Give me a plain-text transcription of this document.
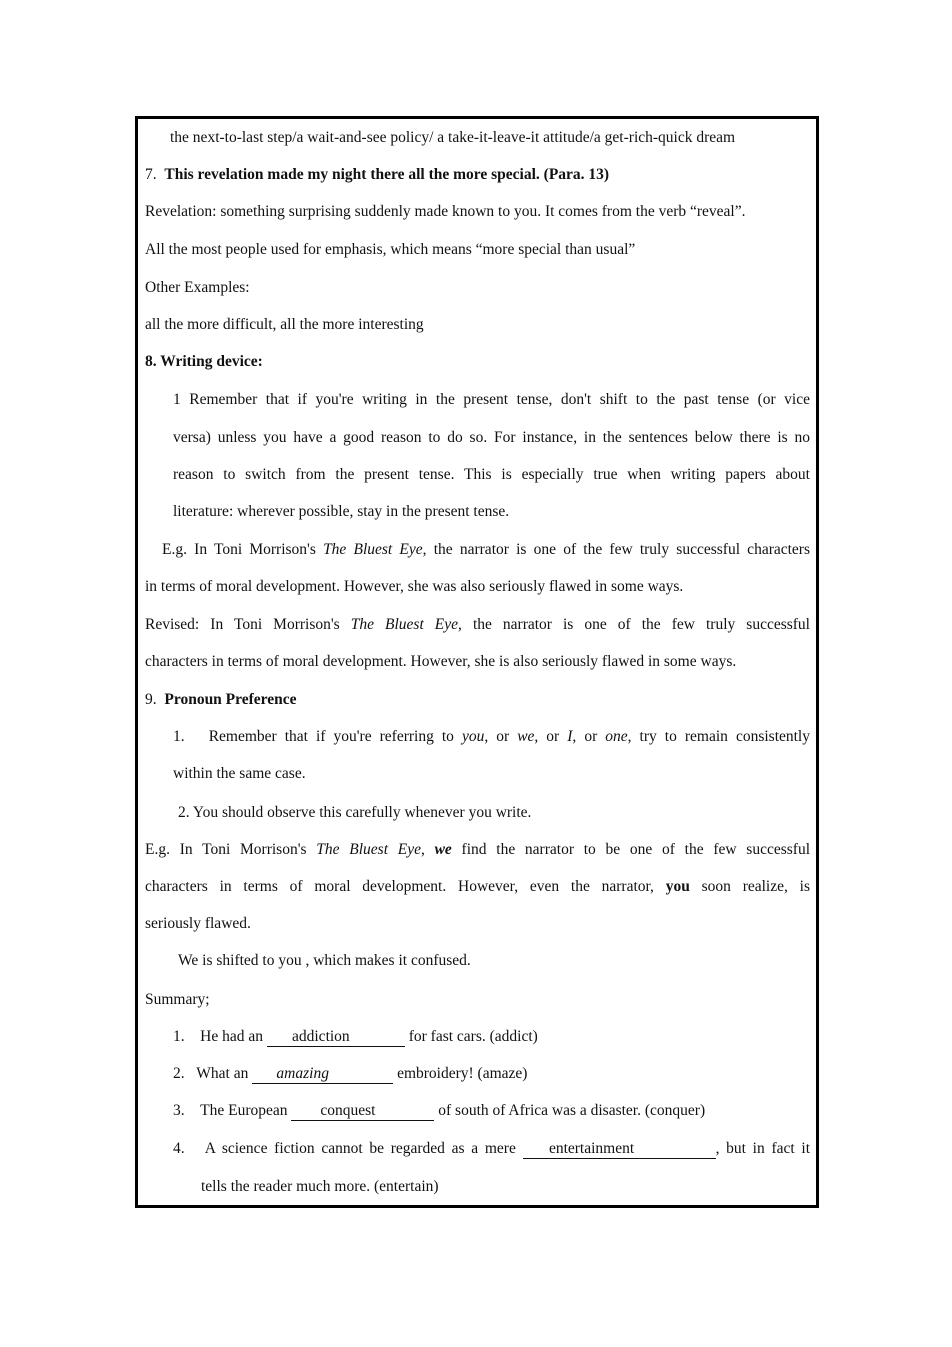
the next-to-last step/a wait-and-see policy/ a take-it-leave-it attitude/a get-rich-quick dream
7. This revelation made my night there all the more special. (Para. 13)
Revelation: something surprising suddenly made known to you. It comes from the verb “reveal”.
All the most people used for emphasis, which means “more special than usual”
Other Examples:
all the more difficult, all the more interesting
8. Writing device:
1 Remember that if you're writing in the present tense, don't shift to the past tense (or vice
versa) unless you have a good reason to do so. For instance, in the sentences below there is no
reason to switch from the present tense. This is especially true when writing papers about
literature: wherever possible, stay in the present tense.
E.g. In Toni Morrison's The Bluest Eye, the narrator is one of the few truly successful characters
in terms of moral development. However, she was also seriously flawed in some ways.
Revised: In Toni Morrison's The Bluest Eye, the narrator is one of the few truly successful
characters in terms of moral development. However, she is also seriously flawed in some ways.
9. Pronoun Preference
1. Remember that if you're referring to you, or we, or I, or one, try to remain consistently
within the same case.
2. You should observe this carefully whenever you write.
E.g. In Toni Morrison's The Bluest Eye, we find the narrator to be one of the few successful
characters in terms of moral development. However, even the narrator, you soon realize, is
seriously flawed.
We is shifted to you , which makes it confused.
Summary;
1. He had an addiction	for fast cars. (addict)
2. What an amazing	embroidery! (amaze)
3. The European conquest	of south of Africa was a disaster. (conquer)
4. A science fiction cannot be regarded as a mere entertainment	, but in fact it
tells the reader much more. (entertain)
